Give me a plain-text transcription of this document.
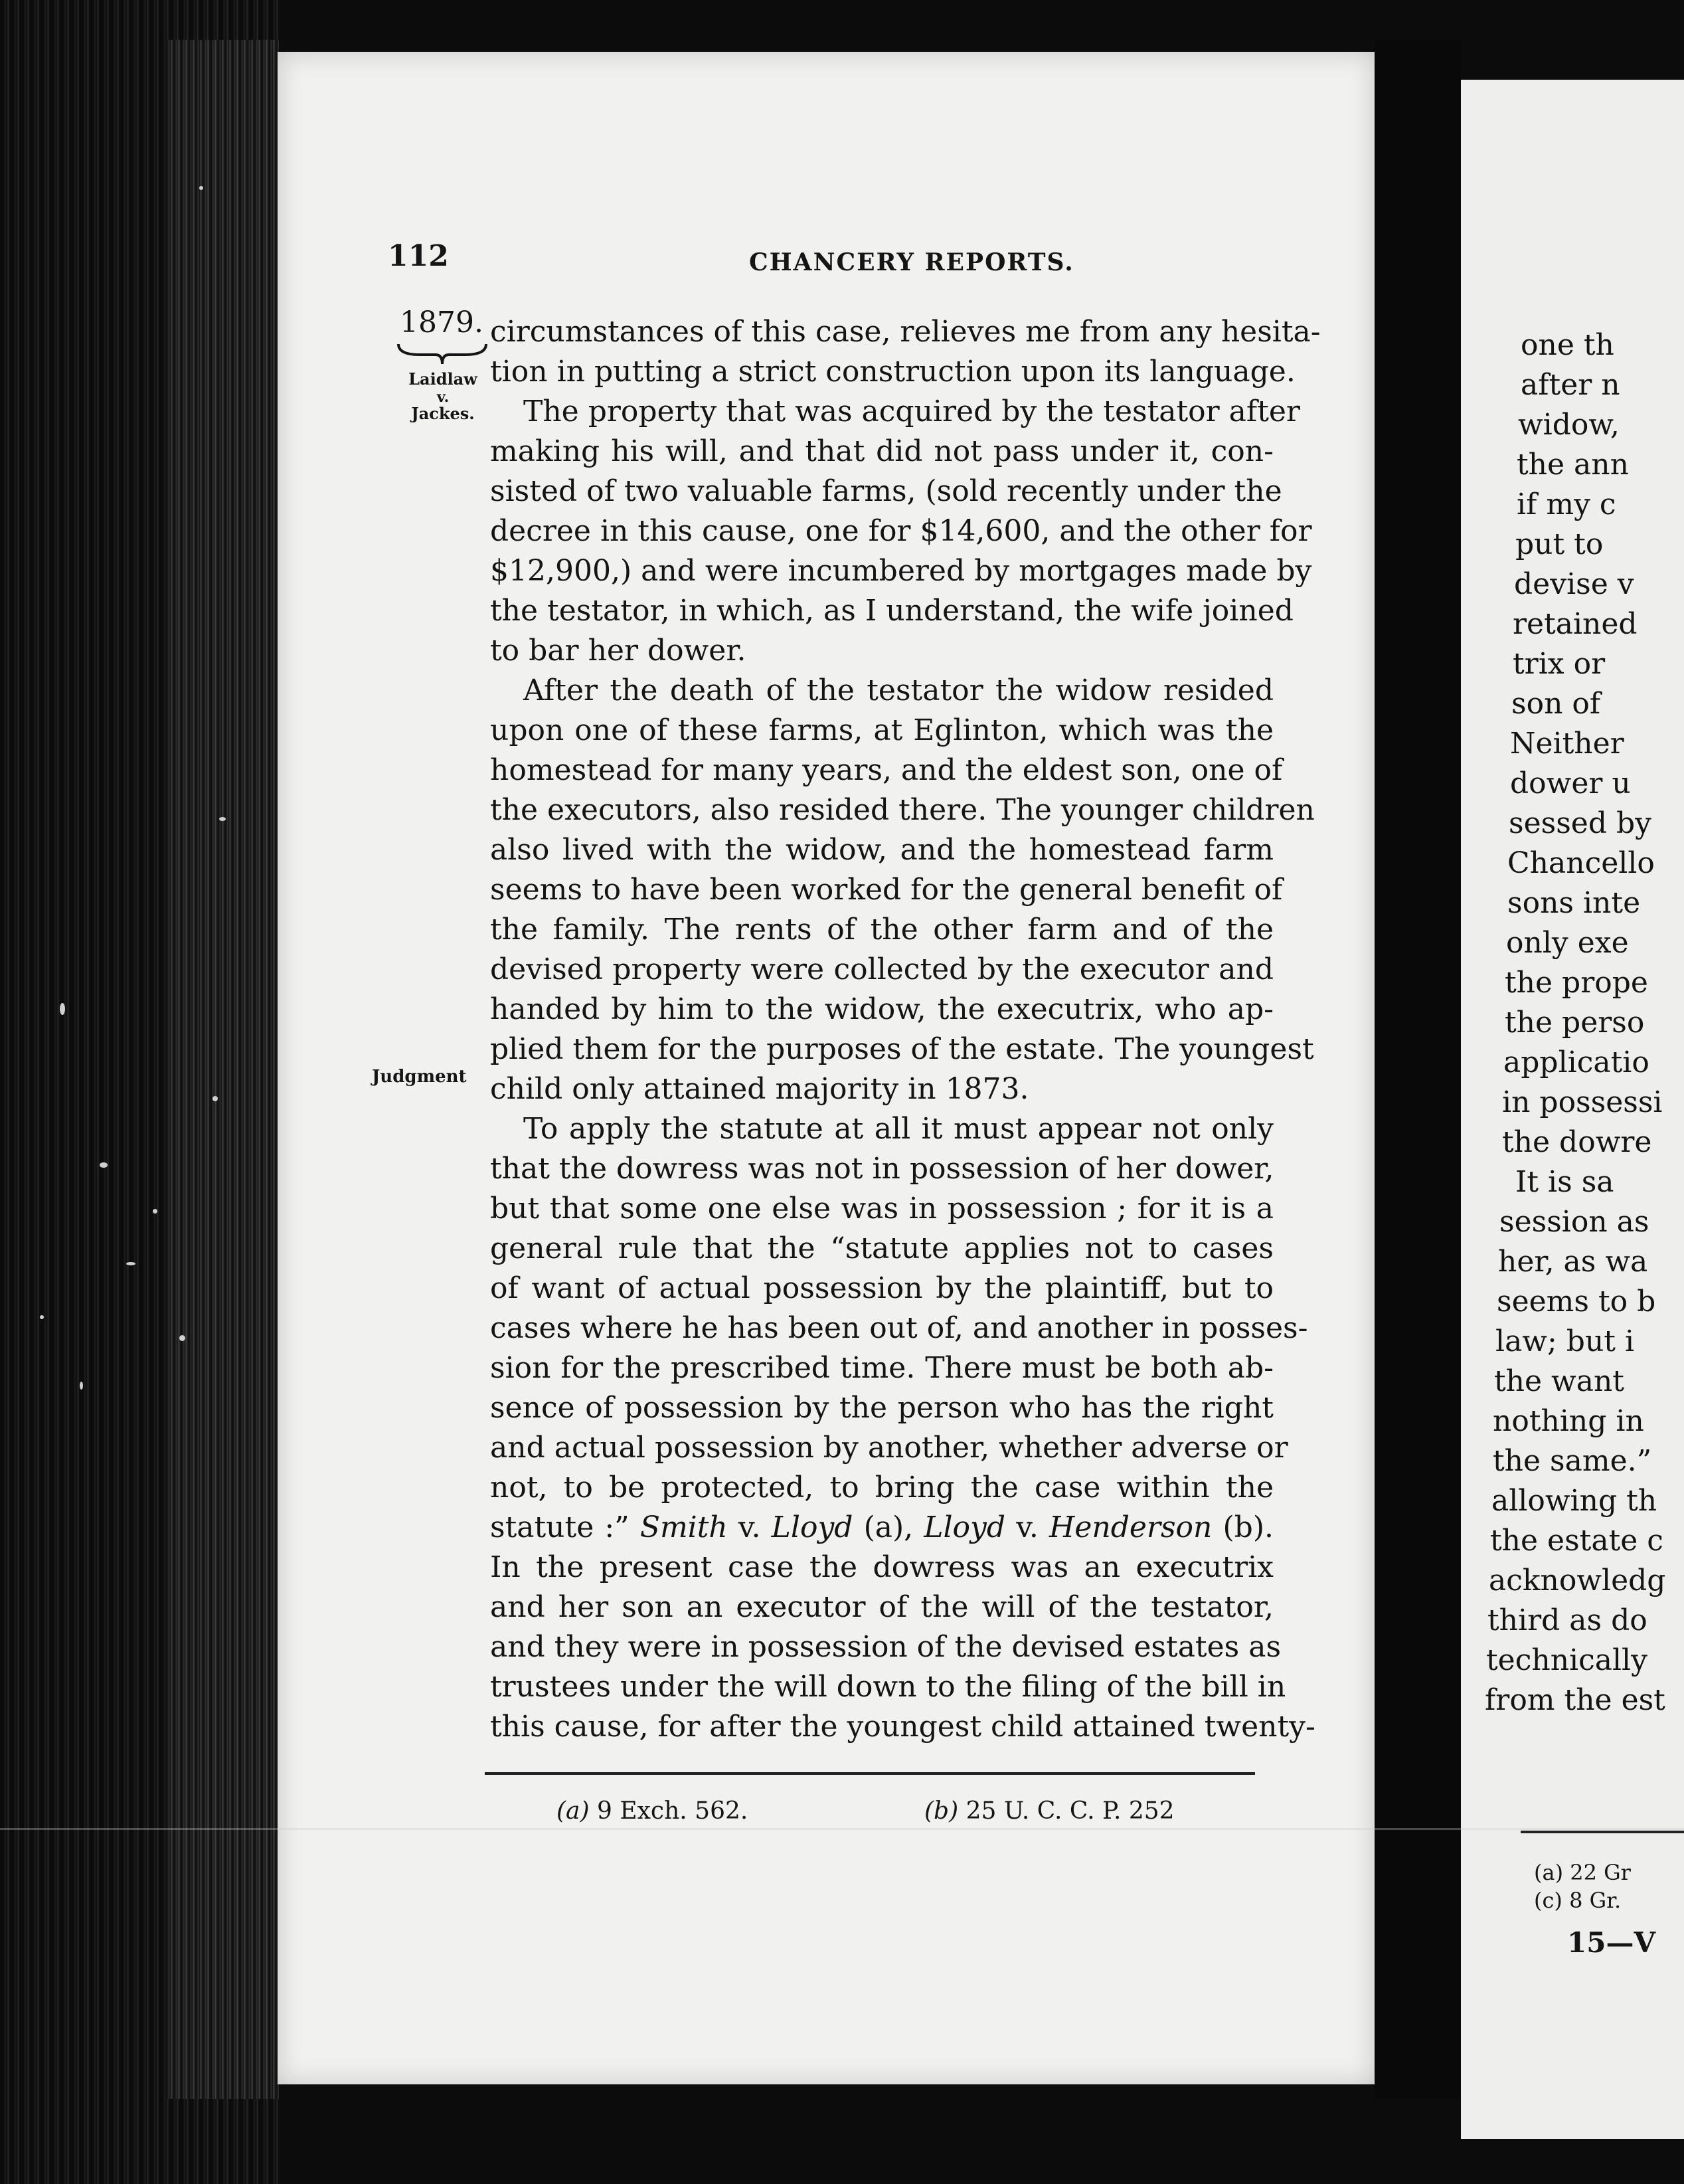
112	CHANCERY REPORTS.
1879.
Laidlaw
v.
Jackes.
Judgment
circumstances of this case, relieves me from any hesita-
tion in putting a strict construction upon its language.
The property that was acquired by the testator after
making his will, and that did not pass under it, con-
sisted of two valuable farms, (sold recently under the
decree in this cause, one for $14,600, and the other for
$12,900,) and were incumbered by mortgages made by
the testator, in which, as I understand, the wife joined
to bar her dower.
After the death of the testator the widow resided
upon one of these farms, at Eglinton, which was the
homestead for many years, and the eldest son, one of
the executors, also resided there. The younger children
also lived with the widow, and the homestead farm
seems to have been worked for the general benefit of
the family. The rents of the other farm and of the
devised property were collected by the executor and
handed by him to the widow, the executrix, who ap-
plied them for the purposes of the estate. The youngest
child only attained majority in 1873.
To apply the statute at all it must appear not only
that the dowress was not in possession of her dower,
but that some one else was in possession ; for it is a
general rule that the “statute applies not to cases
of want of actual possession by the plaintiff, but to
cases where he has been out of, and another in posses-
sion for the prescribed time. There must be both ab-
sence of possession by the person who has the right
and actual possession by another, whether adverse or
not, to be protected, to bring the case within the
statute :” Smith v. Lloyd (a), Lloyd v. Henderson (b).
In the present case the dowress was an executrix
and her son an executor of the will of the testator,
and they were in possession of the devised estates as
trustees under the will down to the filing of the bill in
this cause, for after the youngest child attained twenty-
(a) 9 Exch. 562.	(b) 25 U. C. C. P. 252
one th
after n
widow,
the ann
if my c
put to
devise v
retained
trix or
son of
Neither
dower u
sessed by
Chancello
sons inte
only exe
the prope
the perso
applicatio
in possessi
the dowre
It is sa
session as
her, as wa
seems to b
law; but i
the want
nothing in
the same.”
allowing th
the estate c
acknowledg
third as do
technically
from the est
(a) 22 Gr
(c) 8 Gr.
15—V
